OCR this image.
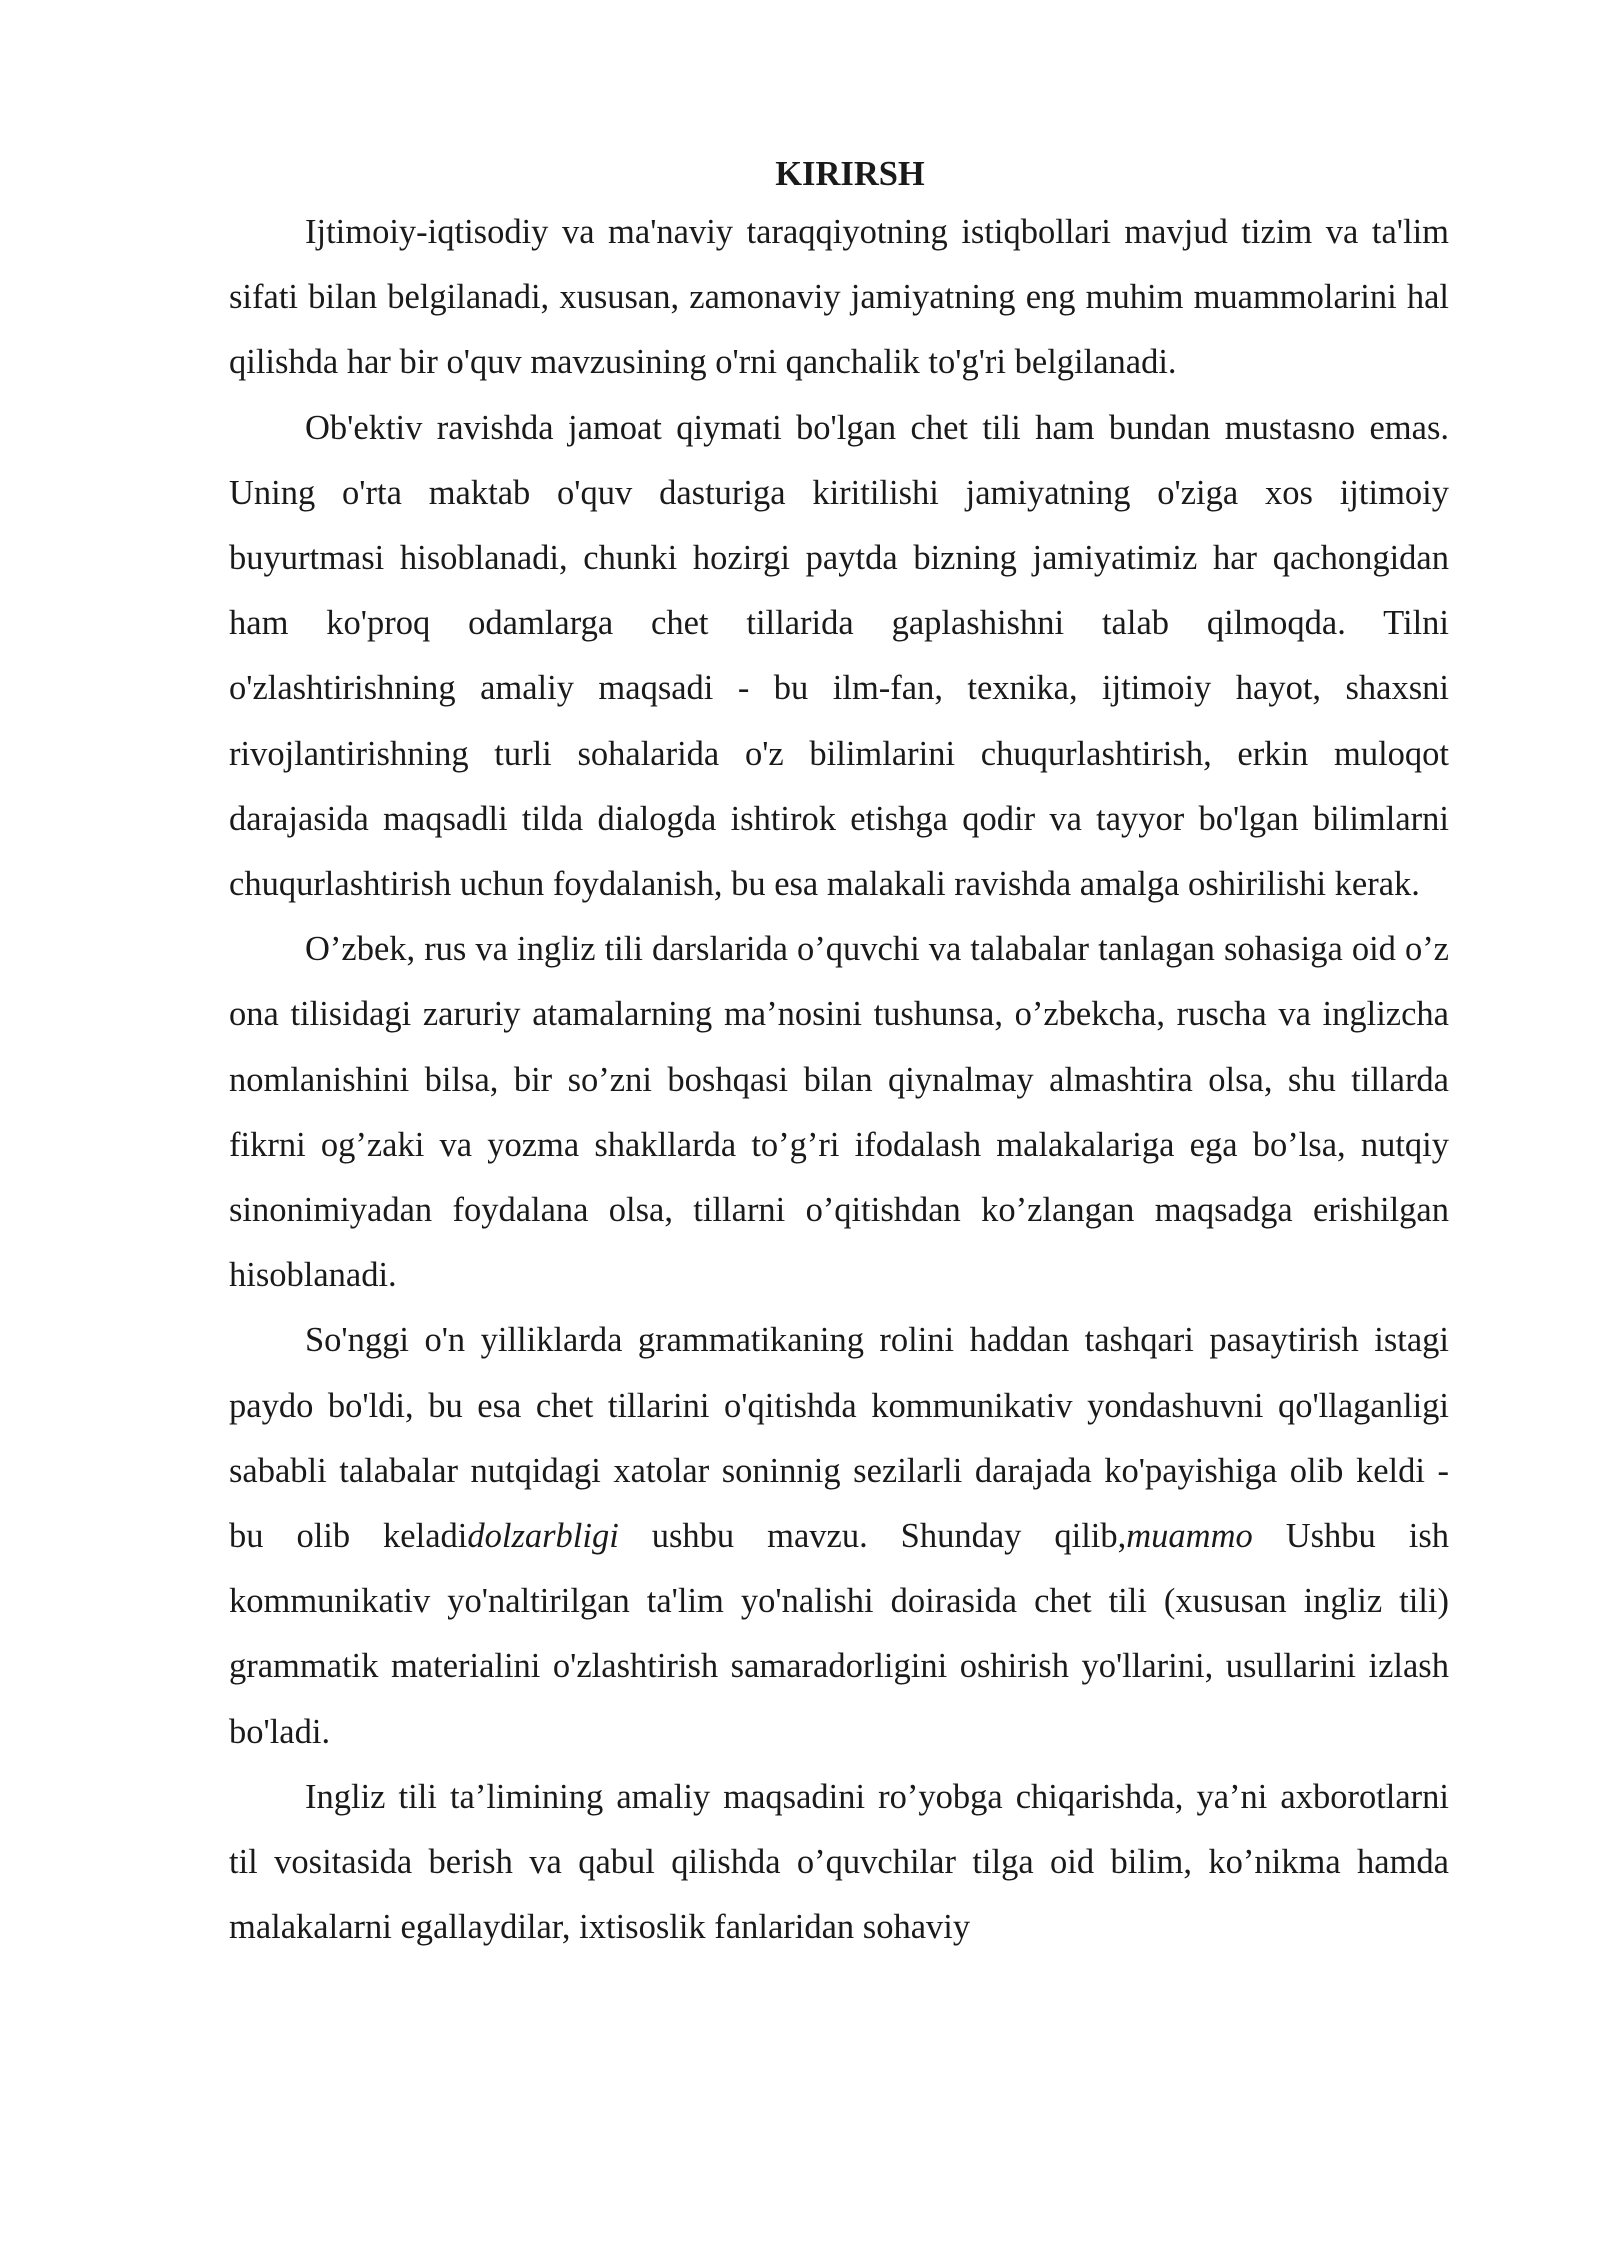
KIRIRSH

Ijtimoiy-iqtisodiy va ma'naviy taraqqiyotning istiqbollari mavjud tizim va ta'lim sifati bilan belgilanadi, xususan, zamonaviy jamiyatning eng muhim muammolarini hal qilishda har bir o'quv mavzusining o'rni qanchalik to'g'ri belgilanadi.

Ob'ektiv ravishda jamoat qiymati bo'lgan chet tili ham bundan mustasno emas. Uning o'rta maktab o'quv dasturiga kiritilishi jamiyatning o'ziga xos ijtimoiy buyurtmasi hisoblanadi, chunki hozirgi paytda bizning jamiyatimiz har qachongidan ham ko'proq odamlarga chet tillarida gaplashishni talab qilmoqda. Tilni o'zlashtirishning amaliy maqsadi - bu ilm-fan, texnika, ijtimoiy hayot, shaxsni rivojlantirishning turli sohalarida o'z bilimlarini chuqurlashtirish, erkin muloqot darajasida maqsadli tilda dialogda ishtirok etishga qodir va tayyor bo'lgan bilimlarni chuqurlashtirish uchun foydalanish, bu esa malakali ravishda amalga oshirilishi kerak.

O’zbek, rus va ingliz tili darslarida o’quvchi va talabalar tanlagan sohasiga oid o’z ona tilisidagi zaruriy atamalarning ma’nosini tushunsa, o’zbekcha, ruscha va inglizcha nomlanishini bilsa, bir so’zni boshqasi bilan qiynalmay almashtira olsa, shu tillarda fikrni og’zaki va yozma shakllarda to’g’ri ifodalash malakalariga ega bo’lsa, nutqiy sinonimiyadan foydalana olsa, tillarni o’qitishdan ko’zlangan maqsadga erishilgan hisoblanadi.

So'nggi o'n yilliklarda grammatikaning rolini haddan tashqari pasaytirish istagi paydo bo'ldi, bu esa chet tillarini o'qitishda kommunikativ yondashuvni qo'llaganligi sababli talabalar nutqidagi xatolar soninnig sezilarli darajada ko'payishiga olib keldi - bu olib keladidolzarbligi ushbu mavzu. Shunday qilib,muammo Ushbu ish kommunikativ yo'naltirilgan ta'lim yo'nalishi doirasida chet tili (xususan ingliz tili) grammatik materialini o'zlashtirish samaradorligini oshirish yo'llarini, usullarini izlash bo'ladi.

Ingliz tili ta’limining amaliy maqsadini ro’yobga chiqarishda, ya’ni axborotlarni til vositasida berish va qabul qilishda o’quvchilar tilga oid bilim, ko’nikma hamda malakalarni egallaydilar, ixtisoslik fanlaridan sohaviy
